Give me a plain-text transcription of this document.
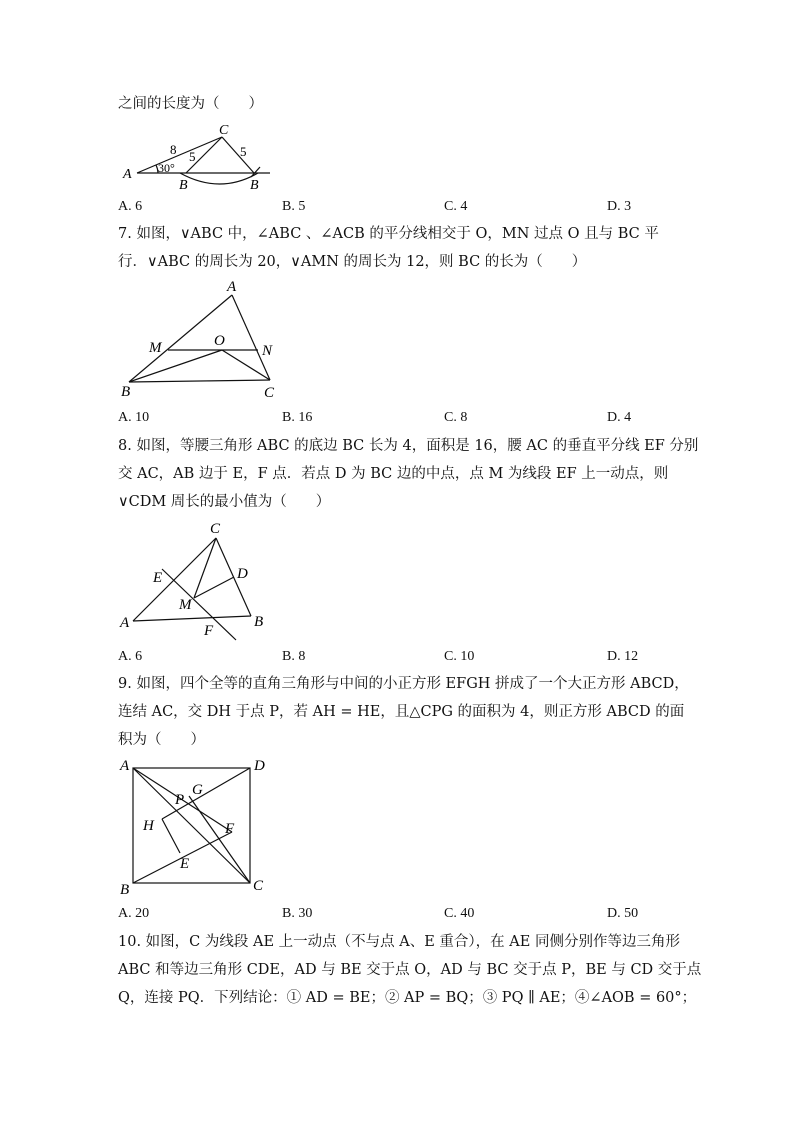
之间的长度为（　　）
A
B	B
C
8 5	5
30°
A. 6	B. 5	C. 4	D. 3
7. 如图，∨ABC 中，∠ABC 、∠ACB 的平分线相交于 O，MN 过点 O 且与 BC 平
行．∨ABC 的周长为 20，∨AMN 的周长为 12，则 BC 的长为（　　）
A
M	O
N
B	C
A. 10	B. 16	C. 8	D. 4
8. 如图，等腰三角形 ABC 的底边 BC 长为 4，面积是 16，腰 AC 的垂直平分线 EF 分别
交 AC，AB 边于 E，F 点．若点 D 为 BC 边的中点，点 M 为线段 EF 上一动点，则
∨CDM 周长的最小值为（　　）
C
E	D
M
A	F
B
A. 6	B. 8	C. 10	D. 12
9. 如图，四个全等的直角三角形与中间的小正方形 EFGH 拼成了一个大正方形 ABCD，
连结 AC，交 DH 于点 P，若 AH = HE，且△CPG 的面积为 4，则正方形 ABCD 的面
积为（　　）
A	D
P
G
H	F
E
B	C
A. 20	B. 30	C. 40	D. 50
10. 如图，C 为线段 AE 上一动点（不与点 A、E 重合），在 AE 同侧分别作等边三角形
ABC 和等边三角形 CDE，AD 与 BE 交于点 O，AD 与 BC 交于点 P，BE 与 CD 交于点
Q，连接 PQ．下列结论：① AD = BE；② AP = BQ；③ PQ ∥ AE；④∠AOB = 60°；
